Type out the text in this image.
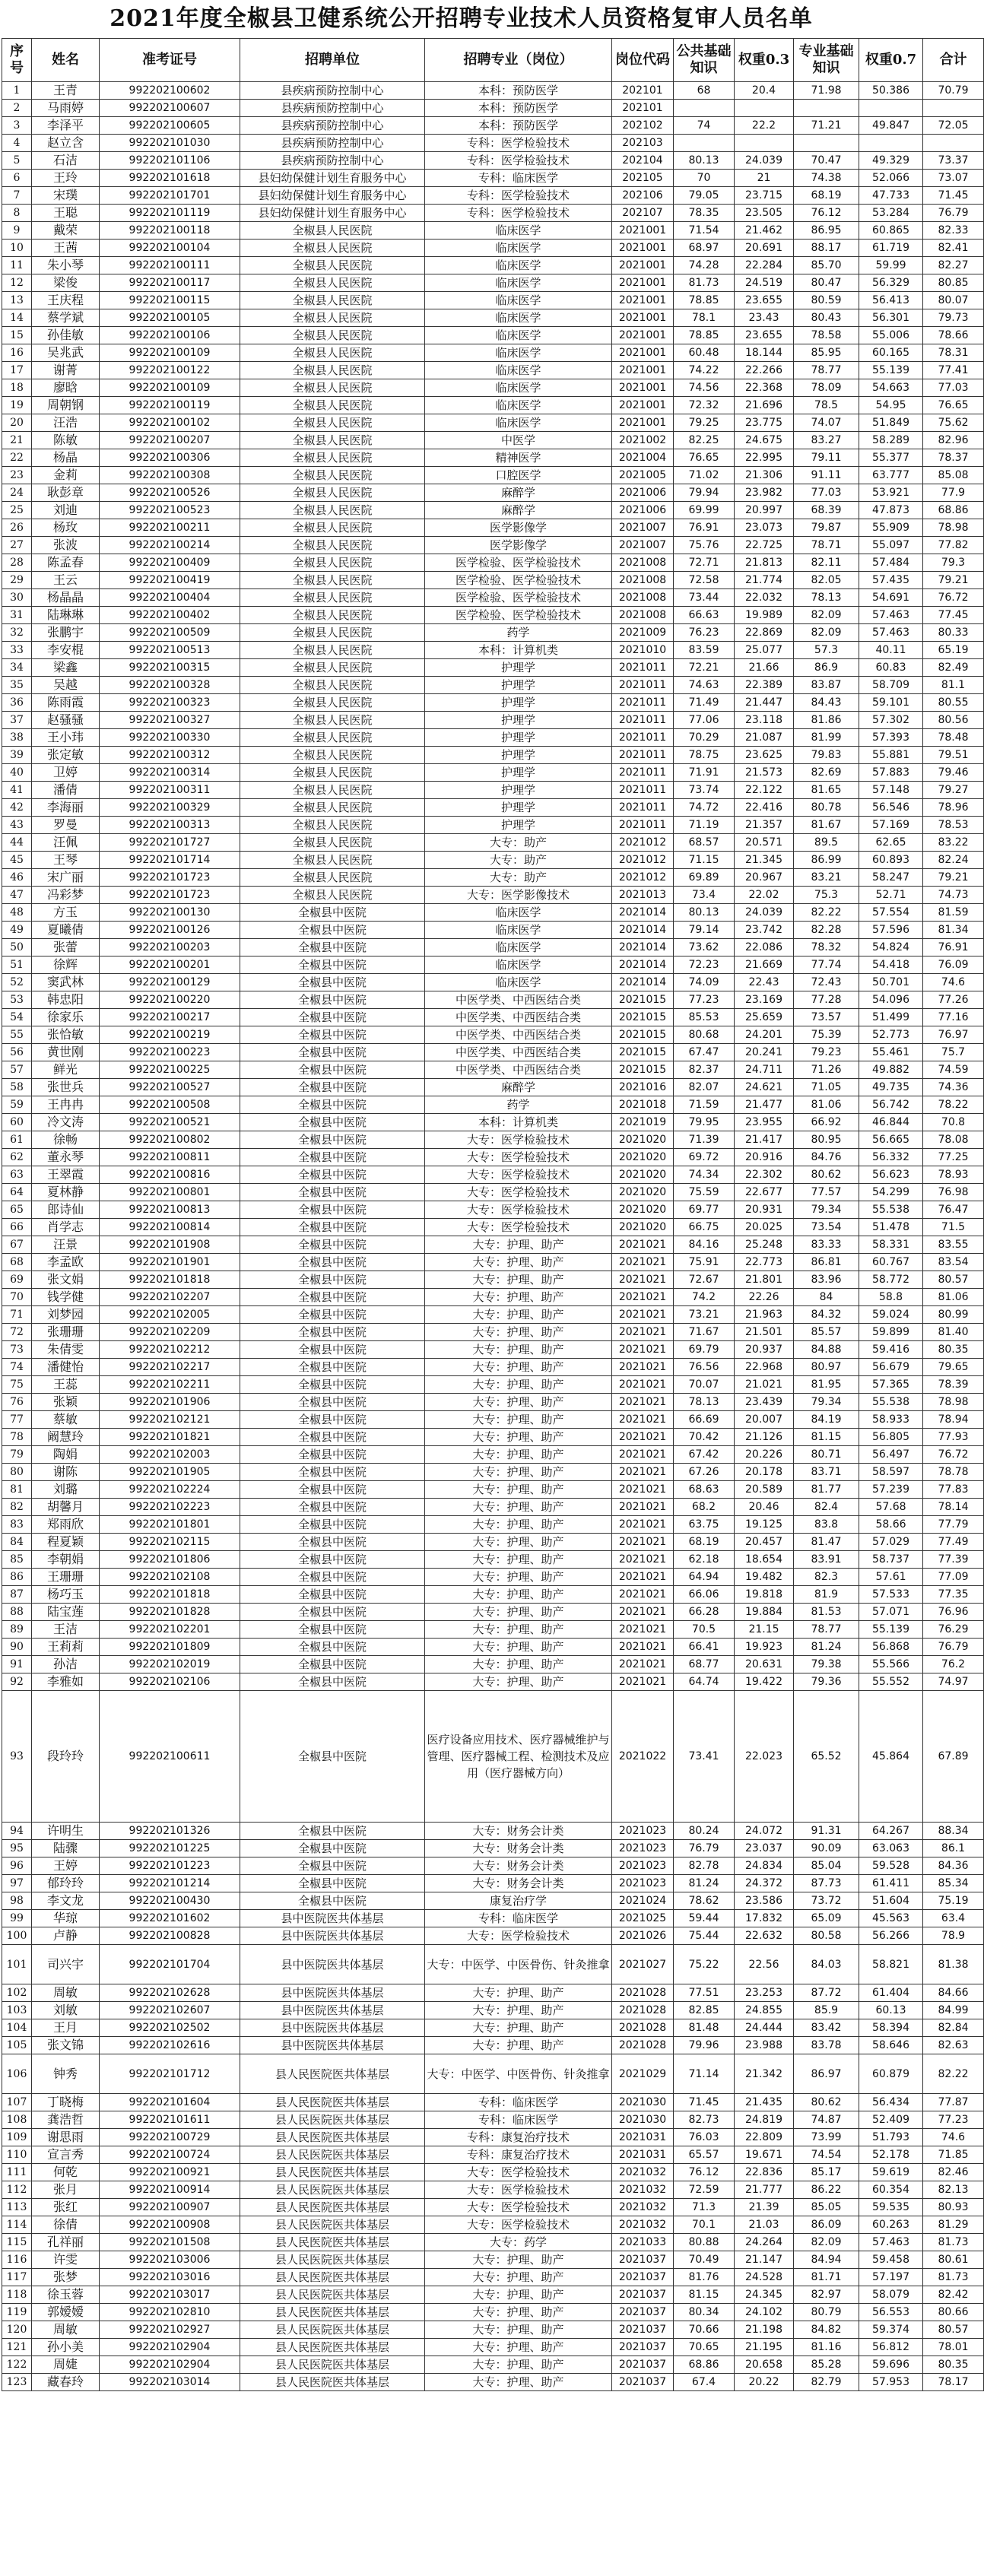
2021年度全椒县卫健系统公开招聘专业技术人员资格复审人员名单
序号	姓名	准考证号	招聘单位	招聘专业（岗位）	岗位代码	公共基础知识	权重0.3	专业基础知识	权重0.7	合计
1	王青	992202100602	县疾病预防控制中心	本科：预防医学	202101	68	20.4	71.98	50.386	70.79
2	马雨婷	992202100607	县疾病预防控制中心	本科：预防医学	202101					
3	李泽平	992202100605	县疾病预防控制中心	本科：预防医学	202102	74	22.2	71.21	49.847	72.05
4	赵立含	992202101030	县疾病预防控制中心	专科：医学检验技术	202103					
5	石洁	992202101106	县疾病预防控制中心	专科：医学检验技术	202104	80.13	24.039	70.47	49.329	73.37
6	王玲	992202101618	县妇幼保健计划生育服务中心	专科：临床医学	202105	70	21	74.38	52.066	73.07
7	宋璞	992202101701	县妇幼保健计划生育服务中心	专科：医学检验技术	202106	79.05	23.715	68.19	47.733	71.45
8	王聪	992202101119	县妇幼保健计划生育服务中心	专科：医学检验技术	202107	78.35	23.505	76.12	53.284	76.79
9	戴荣	992202100118	全椒县人民医院	临床医学	2021001	71.54	21.462	86.95	60.865	82.33
10	王茜	992202100104	全椒县人民医院	临床医学	2021001	68.97	20.691	88.17	61.719	82.41
11	朱小琴	992202100111	全椒县人民医院	临床医学	2021001	74.28	22.284	85.70	59.99	82.27
12	梁俊	992202100117	全椒县人民医院	临床医学	2021001	81.73	24.519	80.47	56.329	80.85
13	王庆程	992202100115	全椒县人民医院	临床医学	2021001	78.85	23.655	80.59	56.413	80.07
14	蔡学斌	992202100105	全椒县人民医院	临床医学	2021001	78.1	23.43	80.43	56.301	79.73
15	孙佳敏	992202100106	全椒县人民医院	临床医学	2021001	78.85	23.655	78.58	55.006	78.66
16	吴兆武	992202100109	全椒县人民医院	临床医学	2021001	60.48	18.144	85.95	60.165	78.31
17	谢菁	992202100122	全椒县人民医院	临床医学	2021001	74.22	22.266	78.77	55.139	77.41
18	廖晗	992202100109	全椒县人民医院	临床医学	2021001	74.56	22.368	78.09	54.663	77.03
19	周朝钢	992202100119	全椒县人民医院	临床医学	2021001	72.32	21.696	78.5	54.95	76.65
20	汪浩	992202100102	全椒县人民医院	临床医学	2021001	79.25	23.775	74.07	51.849	75.62
21	陈敏	992202100207	全椒县人民医院	中医学	2021002	82.25	24.675	83.27	58.289	82.96
22	杨晶	992202100306	全椒县人民医院	精神医学	2021004	76.65	22.995	79.11	55.377	78.37
23	金莉	992202100308	全椒县人民医院	口腔医学	2021005	71.02	21.306	91.11	63.777	85.08
24	耿彭章	992202100526	全椒县人民医院	麻醉学	2021006	79.94	23.982	77.03	53.921	77.9
25	刘迪	992202100523	全椒县人民医院	麻醉学	2021006	69.99	20.997	68.39	47.873	68.86
26	杨玫	992202100211	全椒县人民医院	医学影像学	2021007	76.91	23.073	79.87	55.909	78.98
27	张波	992202100214	全椒县人民医院	医学影像学	2021007	75.76	22.725	78.71	55.097	77.82
28	陈孟春	992202100409	全椒县人民医院	医学检验、医学检验技术	2021008	72.71	21.813	82.11	57.484	79.3
29	王云	992202100419	全椒县人民医院	医学检验、医学检验技术	2021008	72.58	21.774	82.05	57.435	79.21
30	杨晶晶	992202100404	全椒县人民医院	医学检验、医学检验技术	2021008	73.44	22.032	78.13	54.691	76.72
31	陆琳琳	992202100402	全椒县人民医院	医学检验、医学检验技术	2021008	66.63	19.989	82.09	57.463	77.45
32	张鹏宇	992202100509	全椒县人民医院	药学	2021009	76.23	22.869	82.09	57.463	80.33
33	李安棍	992202100513	全椒县人民医院	本科：计算机类	2021010	83.59	25.077	57.3	40.11	65.19
34	梁鑫	992202100315	全椒县人民医院	护理学	2021011	72.21	21.66	86.9	60.83	82.49
35	吴越	992202100328	全椒县人民医院	护理学	2021011	74.63	22.389	83.87	58.709	81.1
36	陈雨霞	992202100323	全椒县人民医院	护理学	2021011	71.49	21.447	84.43	59.101	80.55
37	赵骚骚	992202100327	全椒县人民医院	护理学	2021011	77.06	23.118	81.86	57.302	80.56
38	王小玮	992202100330	全椒县人民医院	护理学	2021011	70.29	21.087	81.99	57.393	78.48
39	张定敏	992202100312	全椒县人民医院	护理学	2021011	78.75	23.625	79.83	55.881	79.51
40	卫婷	992202100314	全椒县人民医院	护理学	2021011	71.91	21.573	82.69	57.883	79.46
41	潘倩	992202100311	全椒县人民医院	护理学	2021011	73.74	22.122	81.65	57.148	79.27
42	李海丽	992202100329	全椒县人民医院	护理学	2021011	74.72	22.416	80.78	56.546	78.96
43	罗曼	992202100313	全椒县人民医院	护理学	2021011	71.19	21.357	81.67	57.169	78.53
44	汪佩	992202101727	全椒县人民医院	大专：助产	2021012	68.57	20.571	89.5	62.65	83.22
45	王琴	992202101714	全椒县人民医院	大专：助产	2021012	71.15	21.345	86.99	60.893	82.24
46	宋广丽	992202101723	全椒县人民医院	大专：助产	2021012	69.89	20.967	83.21	58.247	79.21
47	冯彩梦	992202101723	全椒县人民医院	大专：医学影像技术	2021013	73.4	22.02	75.3	52.71	74.73
48	方玉	992202100130	全椒县中医院	临床医学	2021014	80.13	24.039	82.22	57.554	81.59
49	夏曦倩	992202100126	全椒县中医院	临床医学	2021014	79.14	23.742	82.28	57.596	81.34
50	张蕾	992202100203	全椒县中医院	临床医学	2021014	73.62	22.086	78.32	54.824	76.91
51	徐辉	992202100201	全椒县中医院	临床医学	2021014	72.23	21.669	77.74	54.418	76.09
52	窦武林	992202100129	全椒县中医院	临床医学	2021014	74.09	22.43	72.43	50.701	74.6
53	韩忠阳	992202100220	全椒县中医院	中医学类、中西医结合类	2021015	77.23	23.169	77.28	54.096	77.26
54	徐家乐	992202100217	全椒县中医院	中医学类、中西医结合类	2021015	85.53	25.659	73.57	51.499	77.16
55	张恰敏	992202100219	全椒县中医院	中医学类、中西医结合类	2021015	80.68	24.201	75.39	52.773	76.97
56	黄世刚	992202100223	全椒县中医院	中医学类、中西医结合类	2021015	67.47	20.241	79.23	55.461	75.7
57	鲜光	992202100225	全椒县中医院	中医学类、中西医结合类	2021015	82.37	24.711	71.26	49.882	74.59
58	张世兵	992202100527	全椒县中医院	麻醉学	2021016	82.07	24.621	71.05	49.735	74.36
59	王冉冉	992202100508	全椒县中医院	药学	2021018	71.59	21.477	81.06	56.742	78.22
60	冷文涛	992202100521	全椒县中医院	本科：计算机类	2021019	79.95	23.955	66.92	46.844	70.8
61	徐畅	992202100802	全椒县中医院	大专：医学检验技术	2021020	71.39	21.417	80.95	56.665	78.08
62	董永琴	992202100811	全椒县中医院	大专：医学检验技术	2021020	69.72	20.916	84.76	56.332	77.25
63	王翠霞	992202100816	全椒县中医院	大专：医学检验技术	2021020	74.34	22.302	80.62	56.623	78.93
64	夏林静	992202100801	全椒县中医院	大专：医学检验技术	2021020	75.59	22.677	77.57	54.299	76.98
65	郎诗仙	992202100813	全椒县中医院	大专：医学检验技术	2021020	69.77	20.931	79.34	55.538	76.47
66	肖学志	992202100814	全椒县中医院	大专：医学检验技术	2021020	66.75	20.025	73.54	51.478	71.5
67	汪景	992202101908	全椒县中医院	大专：护理、助产	2021021	84.16	25.248	83.33	58.331	83.55
68	李孟欧	992202101901	全椒县中医院	大专：护理、助产	2021021	75.91	22.773	86.81	60.767	83.54
69	张文娟	992202101818	全椒县中医院	大专：护理、助产	2021021	72.67	21.801	83.96	58.772	80.57
70	钱学健	992202102207	全椒县中医院	大专：护理、助产	2021021	74.2	22.26	84	58.8	81.06
71	刘梦园	992202102005	全椒县中医院	大专：护理、助产	2021021	73.21	21.963	84.32	59.024	80.99
72	张珊珊	992202102209	全椒县中医院	大专：护理、助产	2021021	71.67	21.501	85.57	59.899	81.40
73	朱倩雯	992202102212	全椒县中医院	大专：护理、助产	2021021	69.79	20.937	84.88	59.416	80.35
74	潘健怡	992202102217	全椒县中医院	大专：护理、助产	2021021	76.56	22.968	80.97	56.679	79.65
75	王蕊	992202102211	全椒县中医院	大专：护理、助产	2021021	70.07	21.021	81.95	57.365	78.39
76	张颖	992202101906	全椒县中医院	大专：护理、助产	2021021	78.13	23.439	79.34	55.538	78.98
77	蔡敏	992202102121	全椒县中医院	大专：护理、助产	2021021	66.69	20.007	84.19	58.933	78.94
78	阚慧玲	992202101821	全椒县中医院	大专：护理、助产	2021021	70.42	21.126	81.15	56.805	77.93
79	陶娟	992202102003	全椒县中医院	大专：护理、助产	2021021	67.42	20.226	80.71	56.497	76.72
80	谢陈	992202101905	全椒县中医院	大专：护理、助产	2021021	67.26	20.178	83.71	58.597	78.78
81	刘璐	992202102224	全椒县中医院	大专：护理、助产	2021021	68.63	20.589	81.77	57.239	77.83
82	胡馨月	992202102223	全椒县中医院	大专：护理、助产	2021021	68.2	20.46	82.4	57.68	78.14
83	郑雨欣	992202101801	全椒县中医院	大专：护理、助产	2021021	63.75	19.125	83.8	58.66	77.79
84	程夏颖	992202102115	全椒县中医院	大专：护理、助产	2021021	68.19	20.457	81.47	57.029	77.49
85	李朝娟	992202101806	全椒县中医院	大专：护理、助产	2021021	62.18	18.654	83.91	58.737	77.39
86	王珊珊	992202102108	全椒县中医院	大专：护理、助产	2021021	64.94	19.482	82.3	57.61	77.09
87	杨巧玉	992202101818	全椒县中医院	大专：护理、助产	2021021	66.06	19.818	81.9	57.533	77.35
88	陆宝莲	992202101828	全椒县中医院	大专：护理、助产	2021021	66.28	19.884	81.53	57.071	76.96
89	王洁	992202102201	全椒县中医院	大专：护理、助产	2021021	70.5	21.15	78.77	55.139	76.29
90	王莉莉	992202101809	全椒县中医院	大专：护理、助产	2021021	66.41	19.923	81.24	56.868	76.79
91	孙洁	992202102019	全椒县中医院	大专：护理、助产	2021021	68.77	20.631	79.38	55.566	76.2
92	李雅如	992202102106	全椒县中医院	大专：护理、助产	2021021	64.74	19.422	79.36	55.552	74.97
93	段玲玲	992202100611	全椒县中医院	医疗设备应用技术、医疗器械维护与管理、医疗器械工程、检测技术及应用（医疗器械方向）	2021022	73.41	22.023	65.52	45.864	67.89
94	许明生	992202101326	全椒县中医院	大专：财务会计类	2021023	80.24	24.072	91.31	64.267	88.34
95	陆骤	992202101225	全椒县中医院	大专：财务会计类	2021023	76.79	23.037	90.09	63.063	86.1
96	王婷	992202101223	全椒县中医院	大专：财务会计类	2021023	82.78	24.834	85.04	59.528	84.36
97	郁玲玲	992202101214	全椒县中医院	大专：财务会计类	2021023	81.24	24.372	87.73	61.411	85.34
98	李文龙	992202100430	全椒县中医院	康复治疗学	2021024	78.62	23.586	73.72	51.604	75.19
99	华琼	992202101602	县中医院医共体基层	专科：临床医学	2021025	59.44	17.832	65.09	45.563	63.4
100	卢静	992202100828	县中医院医共体基层	大专：医学检验技术	2021026	75.44	22.632	80.58	56.266	78.9
101	司兴宇	992202101704	县中医院医共体基层	大专：中医学、中医骨伤、针灸推拿	2021027	75.22	22.56	84.03	58.821	81.38
102	周敏	992202102628	县中医院医共体基层	大专：护理、助产	2021028	77.51	23.253	87.72	61.404	84.66
103	刘敏	992202102607	县中医院医共体基层	大专：护理、助产	2021028	82.85	24.855	85.9	60.13	84.99
104	王月	992202102502	县中医院医共体基层	大专：护理、助产	2021028	81.48	24.444	83.42	58.394	82.84
105	张文锦	992202102616	县中医院医共体基层	大专：护理、助产	2021028	79.96	23.988	83.78	58.646	82.63
106	钟秀	992202101712	县人民医院医共体基层	大专：中医学、中医骨伤、针灸推拿	2021029	71.14	21.342	86.97	60.879	82.22
107	丁晓梅	992202101604	县人民医院医共体基层	专科：临床医学	2021030	71.45	21.435	80.62	56.434	77.87
108	龚浩哲	992202101611	县人民医院医共体基层	专科：临床医学	2021030	82.73	24.819	74.87	52.409	77.23
109	谢思雨	992202100729	县人民医院医共体基层	专科：康复治疗技术	2021031	76.03	22.809	73.99	51.793	74.6
110	宣言秀	992202100724	县人民医院医共体基层	专科：康复治疗技术	2021031	65.57	19.671	74.54	52.178	71.85
111	何乾	992202100921	县人民医院医共体基层	大专：医学检验技术	2021032	76.12	22.836	85.17	59.619	82.46
112	张月	992202100914	县人民医院医共体基层	大专：医学检验技术	2021032	72.59	21.777	86.22	60.354	82.13
113	张红	992202100907	县人民医院医共体基层	大专：医学检验技术	2021032	71.3	21.39	85.05	59.535	80.93
114	徐倩	992202100908	县人民医院医共体基层	大专：医学检验技术	2021032	70.1	21.03	86.09	60.263	81.29
115	孔祥丽	992202101508	县人民医院医共体基层	大专：药学	2021033	80.88	24.264	82.09	57.463	81.73
116	许雯	992202103006	县人民医院医共体基层	大专：护理、助产	2021037	70.49	21.147	84.94	59.458	80.61
117	张梦	992202103016	县人民医院医共体基层	大专：护理、助产	2021037	81.76	24.528	81.71	57.197	81.73
118	徐玉蓉	992202103017	县人民医院医共体基层	大专：护理、助产	2021037	81.15	24.345	82.97	58.079	82.42
119	郭嫒嫒	992202102810	县人民医院医共体基层	大专：护理、助产	2021037	80.34	24.102	80.79	56.553	80.66
120	周敏	992202102927	县人民医院医共体基层	大专：护理、助产	2021037	70.66	21.198	84.82	59.374	80.57
121	孙小美	992202102904	县人民医院医共体基层	大专：护理、助产	2021037	70.65	21.195	81.16	56.812	78.01
122	周婕	992202102904	县人民医院医共体基层	大专：护理、助产	2021037	68.86	20.658	85.28	59.696	80.35
123	藏春玲	992202103014	县人民医院医共体基层	大专：护理、助产	2021037	67.4	20.22	82.79	57.953	78.17
